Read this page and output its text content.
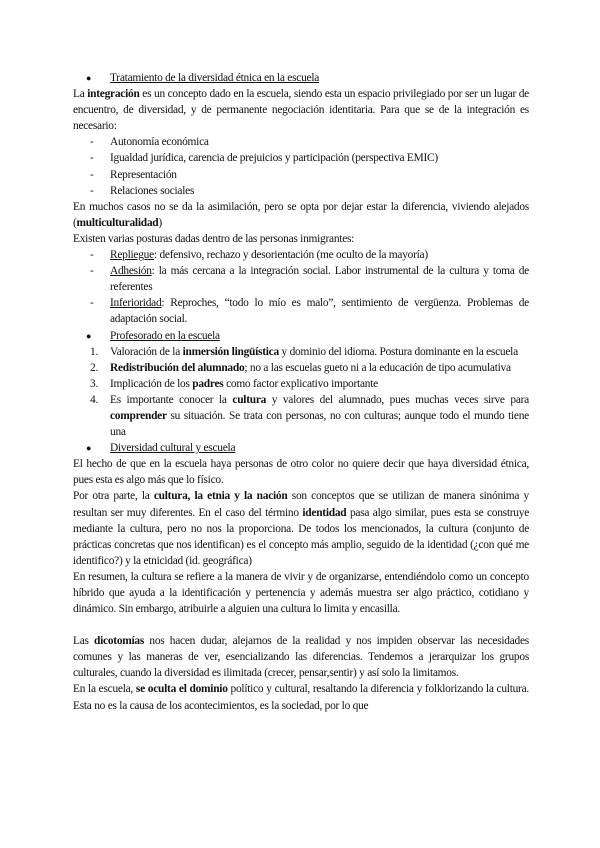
● Tratamiento de la diversidad étnica en la escuela

La integración es un concepto dado en la escuela, siendo esta un espacio privilegiado por ser un lugar de encuentro, de diversidad, y de permanente negociación identitaria. Para que se de la integración es necesario:

- Autonomía económica

- Igualdad jurídica, carencia de prejuicios y participación (perspectiva EMIC)

- Representación

- Relaciones sociales

En muchos casos no se da la asimilación, pero se opta por dejar estar la diferencia, viviendo alejados (multiculturalidad)

Existen varias posturas dadas dentro de las personas inmigrantes:

- Repliegue: defensivo, rechazo y desorientación (me oculto de la mayoría)

- Adhesión: la más cercana a la integración social. Labor instrumental de la cultura y toma de referentes

- Inferioridad: Reproches, “todo lo mío es malo”, sentimiento de vergüenza. Problemas de adaptación social.

● Profesorado en la escuela

1. Valoración de la inmersión lingüística y dominio del idioma. Postura dominante en la escuela

2. Redistribución del alumnado; no a las escuelas gueto ni a la educación de tipo acumulativa

3. Implicación de los padres como factor explicativo importante

4. Es importante conocer la cultura y valores del alumnado, pues muchas veces sirve para comprender su situación. Se trata con personas, no con culturas; aunque todo el mundo tiene una

● Diversidad cultural y escuela

El hecho de que en la escuela haya personas de otro color no quiere decir que haya diversidad étnica, pues esta es algo más que lo físico.

Por otra parte, la cultura, la etnia y la nación son conceptos que se utilizan de manera sinónima y resultan ser muy diferentes. En el caso del término identidad pasa algo similar, pues esta se construye mediante la cultura, pero no nos la proporciona. De todos los mencionados, la cultura (conjunto de prácticas concretas que nos identifican) es el concepto más amplio, seguido de la identidad (¿con qué me identifico?) y la etnicidad (id. geográfica)

En resumen, la cultura se refiere a la manera de vivir y de organizarse, entendiéndolo como un concepto híbrido que ayuda a la identificación y pertenencia y además muestra ser algo práctico, cotidiano y dinámico. Sin embargo, atribuirle a alguien una cultura lo limita y encasilla.

Las dicotomías nos hacen dudar, alejarnos de la realidad y nos impiden observar las necesidades comunes y las maneras de ver, esencializando las diferencias. Tendemos a jerarquizar los grupos culturales, cuando la diversidad es ilimitada (crecer, pensar,sentir) y así solo la limitamos.

En la escuela, se oculta el dominio político y cultural, resaltando la diferencia y folklorizando la cultura. Esta no es la causa de los acontecimientos, es la sociedad, por lo que
